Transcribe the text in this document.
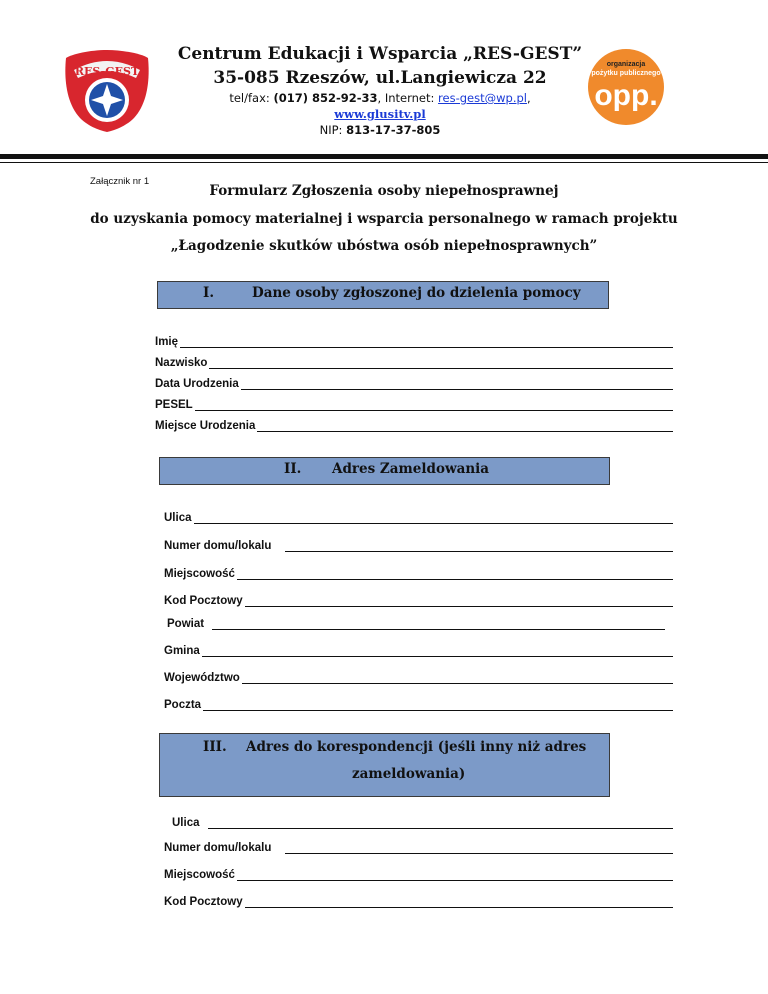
RES-GEST
Centrum Edukacji i Wsparcia „RES-GEST”
35-085 Rzeszów, ul.Langiewicza 22
tel/fax: (017) 852-92-33, Internet: res-gest@wp.pl,
www.glusitv.pl
NIP: 813-17-37-805
organizacja
pożytku publicznego
opp.
Załącznik nr 1
Formularz Zgłoszenia osoby niepełnosprawnej
do uzyskania pomocy materialnej i wsparcia personalnego w ramach projektu
„Łagodzenie skutków ubóstwa osób niepełnosprawnych”
I.	Dane osoby zgłoszonej do dzielenia pomocy
Imię
Nazwisko
Data Urodzenia
PESEL
Miejsce Urodzenia
II. Adres Zameldowania
Ulica
Numer domu/lokalu
Miejscowość
Kod Pocztowy
Powiat
Gmina
Województwo
Poczta
III. Adres do korespondencji (jeśli inny niż adres
zameldowania)
Ulica
Numer domu/lokalu
Miejscowość
Kod Pocztowy
